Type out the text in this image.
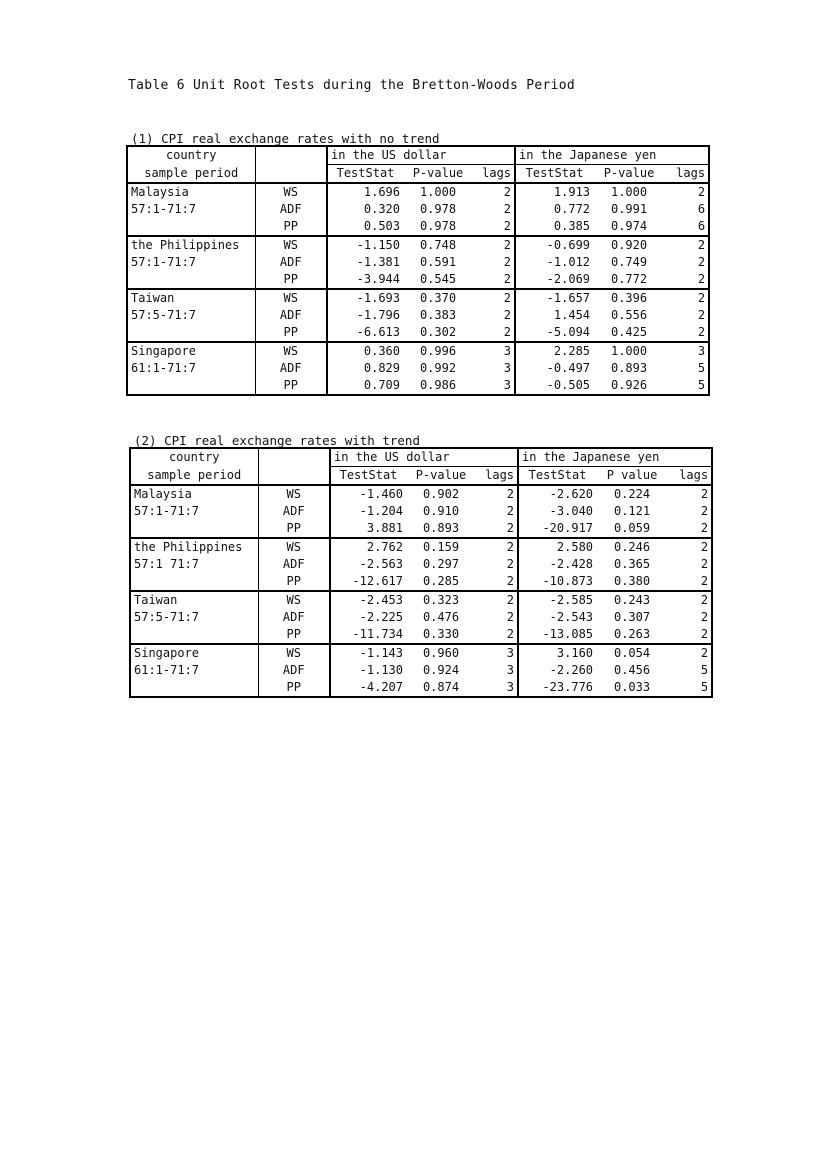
Table 6 Unit Root Tests during the Bretton-Woods Period
(1) CPI real exchange rates with no trend
country		in the US dollar			in the Japanese yen		
sample period		TestStat	P-value	lags	TestStat	P-value	lags
Malaysia	WS	1.696	1.000	2	1.913	1.000	2
57:1-71:7	ADF	0.320	0.978	2	0.772	0.991	6
	PP	0.503	0.978	2	0.385	0.974	6
the Philippines	WS	-1.150	0.748	2	-0.699	0.920	2
57:1-71:7	ADF	-1.381	0.591	2	-1.012	0.749	2
	PP	-3.944	0.545	2	-2.069	0.772	2
Taiwan	WS	-1.693	0.370	2	-1.657	0.396	2
57:5-71:7	ADF	-1.796	0.383	2	1.454	0.556	2
	PP	-6.613	0.302	2	-5.094	0.425	2
Singapore	WS	0.360	0.996	3	2.285	1.000	3
61:1-71:7	ADF	0.829	0.992	3	-0.497	0.893	5
	PP	0.709	0.986	3	-0.505	0.926	5
(2) CPI real exchange rates with trend
country		in the US dollar			in the Japanese yen		
sample period		TestStat	P-value	lags	TestStat	P value	lags
Malaysia	WS	-1.460	0.902	2	-2.620	0.224	2
57:1-71:7	ADF	-1.204	0.910	2	-3.040	0.121	2
	PP	3.881	0.893	2	-20.917	0.059	2
the Philippines	WS	2.762	0.159	2	2.580	0.246	2
57:1 71:7	ADF	-2.563	0.297	2	-2.428	0.365	2
	PP	-12.617	0.285	2	-10.873	0.380	2
Taiwan	WS	-2.453	0.323	2	-2.585	0.243	2
57:5-71:7	ADF	-2.225	0.476	2	-2.543	0.307	2
	PP	-11.734	0.330	2	-13.085	0.263	2
Singapore	WS	-1.143	0.960	3	3.160	0.054	2
61:1-71:7	ADF	-1.130	0.924	3	-2.260	0.456	5
	PP	-4.207	0.874	3	-23.776	0.033	5
